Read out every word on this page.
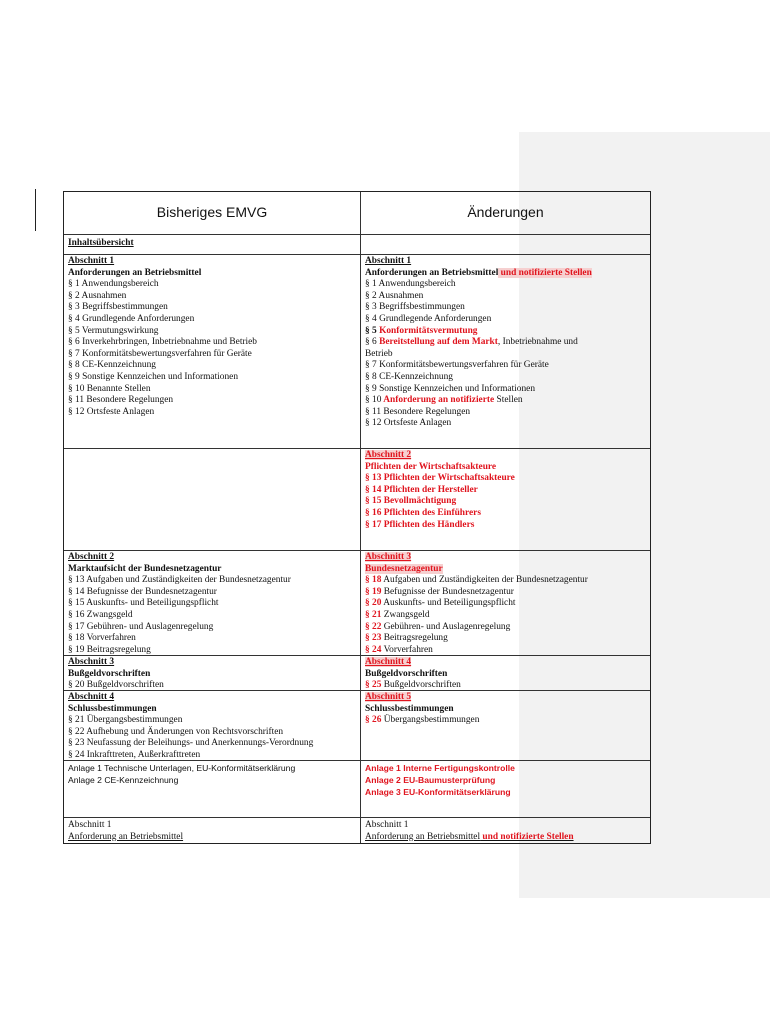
Bisheriges EMVG	Änderungen
Inhaltsübersicht
Abschnitt 1
Anforderungen an Betriebsmittel
§ 1 Anwendungsbereich
§ 2 Ausnahmen
§ 3 Begriffsbestimmungen
§ 4 Grundlegende Anforderungen
§ 5 Vermutungswirkung
§ 6 Inverkehrbringen, Inbetriebnahme und Betrieb
§ 7 Konformitätsbewertungsverfahren für Geräte
§ 8 CE-Kennzeichnung
§ 9 Sonstige Kennzeichen und Informationen
§ 10 Benannte Stellen
§ 11 Besondere Regelungen
§ 12 Ortsfeste Anlagen
Abschnitt 1
Anforderungen an Betriebsmittel und notifizierte Stellen
§ 1 Anwendungsbereich
§ 2 Ausnahmen
§ 3 Begriffsbestimmungen
§ 4 Grundlegende Anforderungen
§ 5 Konformitätsvermutung
§ 6 Bereitstellung auf dem Markt, Inbetriebnahme und
Betrieb
§ 7 Konformitätsbewertungsverfahren für Geräte
§ 8 CE-Kennzeichnung
§ 9 Sonstige Kennzeichen und Informationen
§ 10 Anforderung an notifizierte Stellen
§ 11 Besondere Regelungen
§ 12 Ortsfeste Anlagen
Abschnitt 2
Pflichten der Wirtschaftsakteure
§ 13 Pflichten der Wirtschaftsakteure
§ 14 Pflichten der Hersteller
§ 15 Bevollmächtigung
§ 16 Pflichten des Einführers
§ 17 Pflichten des Händlers
Abschnitt 2
Marktaufsicht der Bundesnetzagentur
§ 13 Aufgaben und Zuständigkeiten der Bundesnetzagentur
§ 14 Befugnisse der Bundesnetzagentur
§ 15 Auskunfts- und Beteiligungspflicht
§ 16 Zwangsgeld
§ 17 Gebühren- und Auslagenregelung
§ 18 Vorverfahren
§ 19 Beitragsregelung
Abschnitt 3
Bundesnetzagentur
§ 18 Aufgaben und Zuständigkeiten der Bundesnetzagentur
§ 19 Befugnisse der Bundesnetzagentur
§ 20 Auskunfts- und Beteiligungspflicht
§ 21 Zwangsgeld
§ 22 Gebühren- und Auslagenregelung
§ 23 Beitragsregelung
§ 24 Vorverfahren
Abschnitt 3
Bußgeldvorschriften
§ 20 Bußgeldvorschriften
Abschnitt 4
Bußgeldvorschriften
§ 25 Bußgeldvorschriften
Abschnitt 4
Schlussbestimmungen
§ 21 Übergangsbestimmungen
§ 22 Aufhebung und Änderungen von Rechtsvorschriften
§ 23 Neufassung der Beleihungs- und Anerkennungs-Verordnung
§ 24 Inkrafttreten, Außerkrafttreten
Abschnitt 5
Schlussbestimmungen
§ 26 Übergangsbestimmungen
Anlage 1 Technische Unterlagen, EU-Konformitätserklärung
Anlage 2 CE-Kennzeichnung
Anlage 1 Interne Fertigungskontrolle
Anlage 2 EU-Baumusterprüfung
Anlage 3 EU-Konformitätserklärung
Abschnitt 1
Anforderung an Betriebsmittel
Abschnitt 1
Anforderung an Betriebsmittel und notifizierte Stellen
